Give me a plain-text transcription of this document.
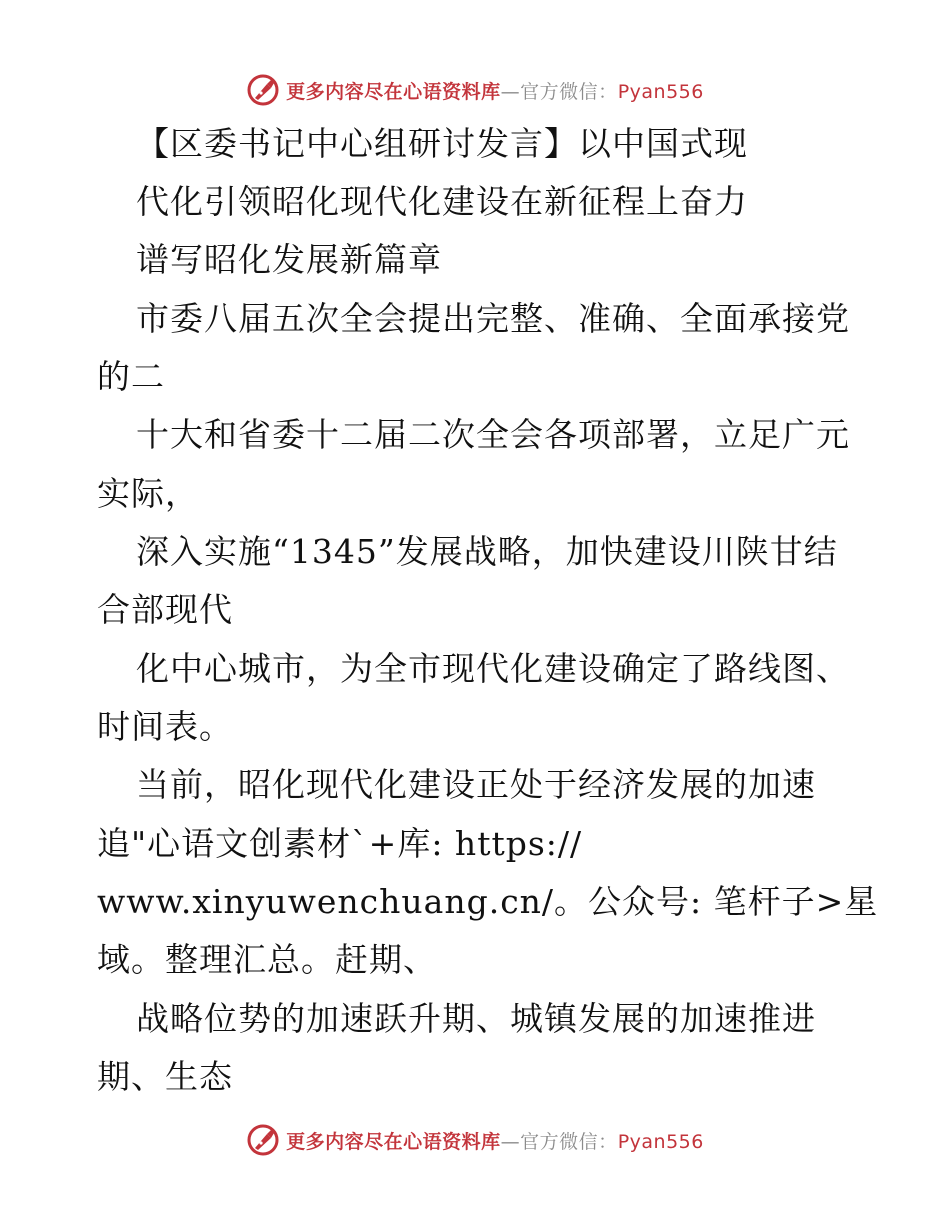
更多内容尽在心语资料库—官方微信：Pyan556
【区委书记中心组研讨发言】以中国式现
代化引领昭化现代化建设在新征程上奋力
谱写昭化发展新篇章
市委八届五次全会提出完整、准确、全面承接党
的二
十大和省委十二届二次全会各项部署，立足广元
实际，
深入实施“1345”发展战略，加快建设川陕甘结
合部现代
化中心城市，为全市现代化建设确定了路线图、
时间表。
当前，昭化现代化建设正处于经济发展的加速
追"心语文创素材`+库: https://
www.xinyuwenchuang.cn/。公众号: 笔杆子>星
域。整理汇总。赶期、
战略位势的加速跃升期、城镇发展的加速推进
期、生态
更多内容尽在心语资料库—官方微信：Pyan556
